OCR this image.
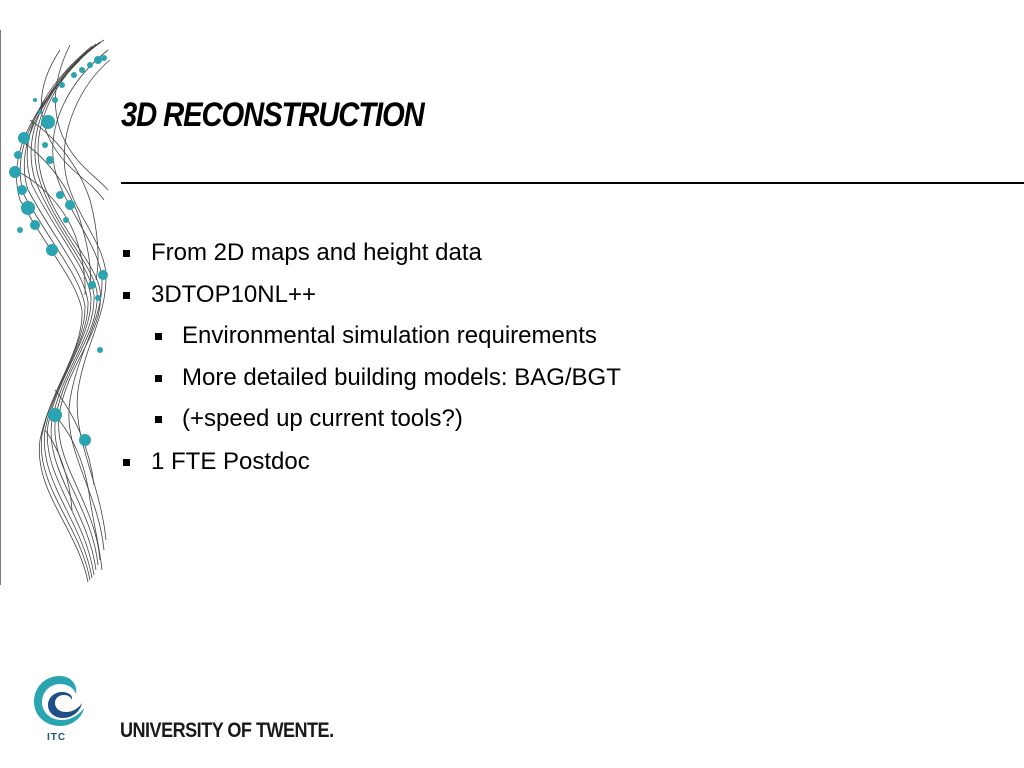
3D RECONSTRUCTION
From 2D maps and height data
3DTOP10NL++
Environmental simulation requirements
More detailed building models: BAG/BGT
(+speed up current tools?)
1 FTE Postdoc
ITC	UNIVERSITY OF TWENTE.
